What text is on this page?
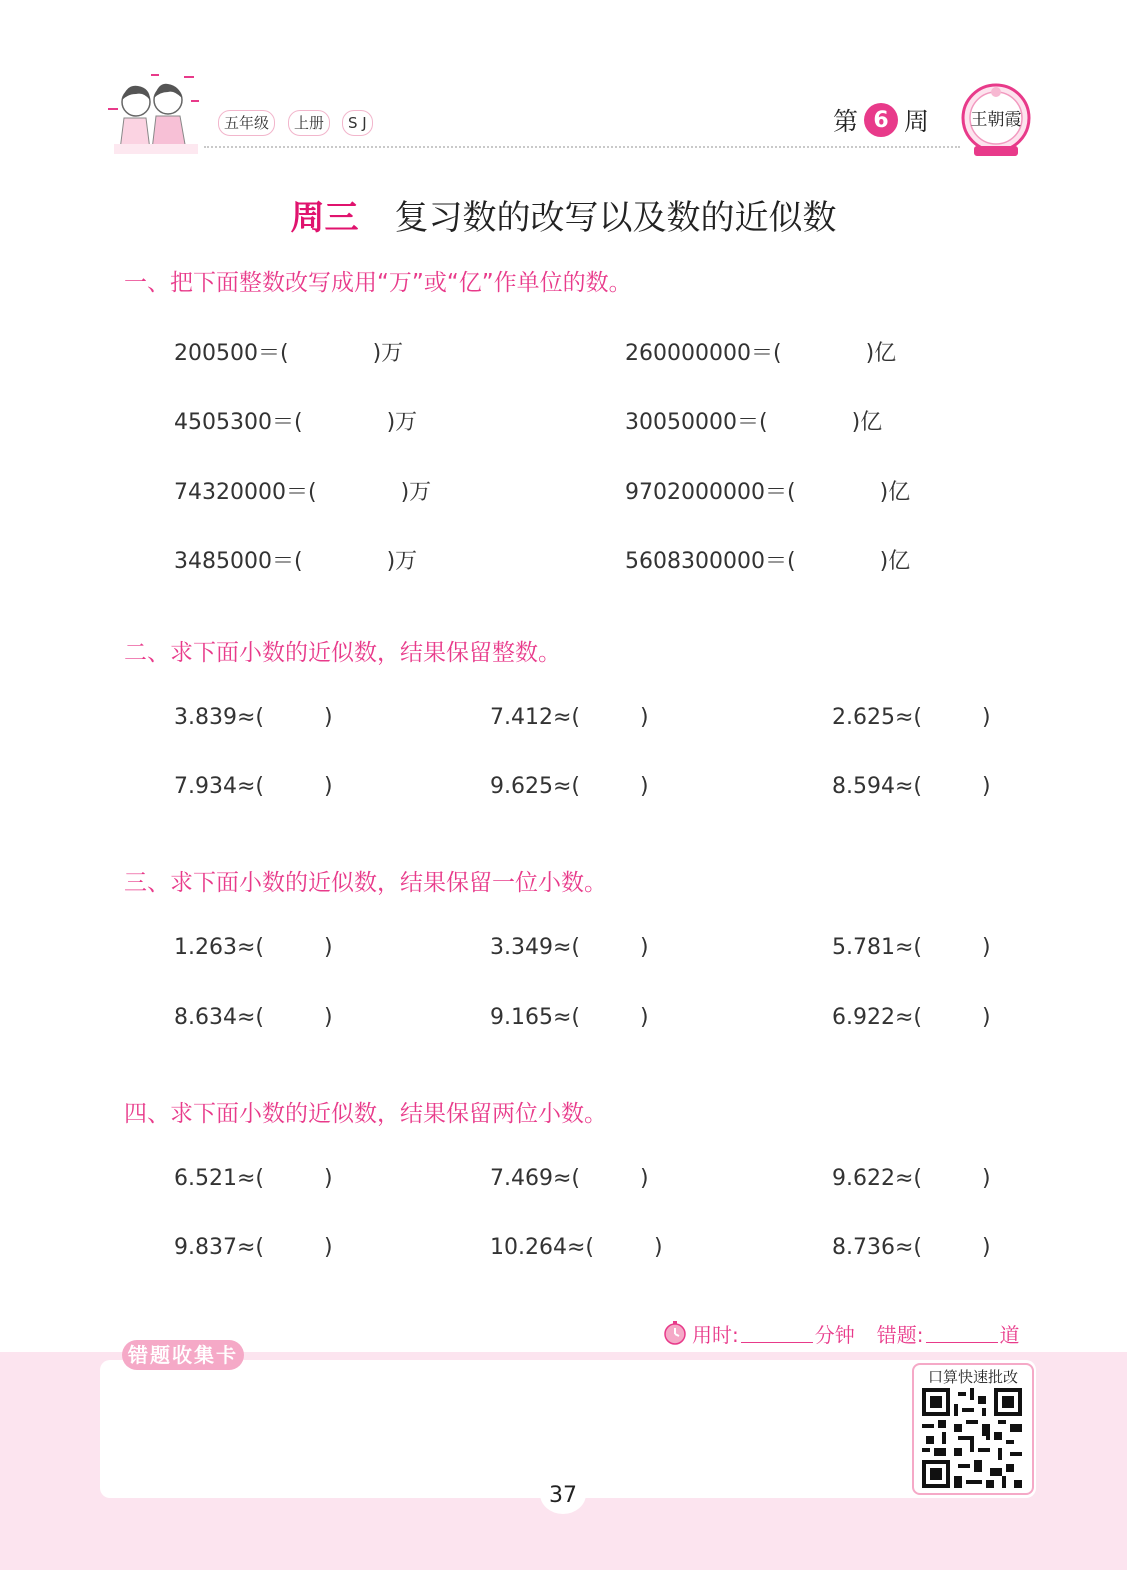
五年级	上册	S J	第 6 周	王朝霞
周三 复习数的改写以及数的近似数
一、把下面整数改写成用“万”或“亿”作单位的数。
200500＝(	)万	260000000＝(	)亿
4505300＝(	)万	30050000＝(	)亿
74320000＝(	)万	9702000000＝(	)亿
3485000＝(	)万	5608300000＝(	)亿
二、求下面小数的近似数，结果保留整数。
3.839≈(	)	7.412≈(	)	2.625≈(	)
7.934≈(	)	9.625≈(	)	8.594≈(	)
三、求下面小数的近似数，结果保留一位小数。
1.263≈(	)	3.349≈(	)	5.781≈(	)
8.634≈(	)	9.165≈(	)	6.922≈(	)
四、求下面小数的近似数，结果保留两位小数。
6.521≈(	)	7.469≈(	)	9.622≈(	)
9.837≈(	)	10.264≈(	)	8.736≈(	)
用时:	分钟 错题:	道
错题收集卡
口算快速批改
37
